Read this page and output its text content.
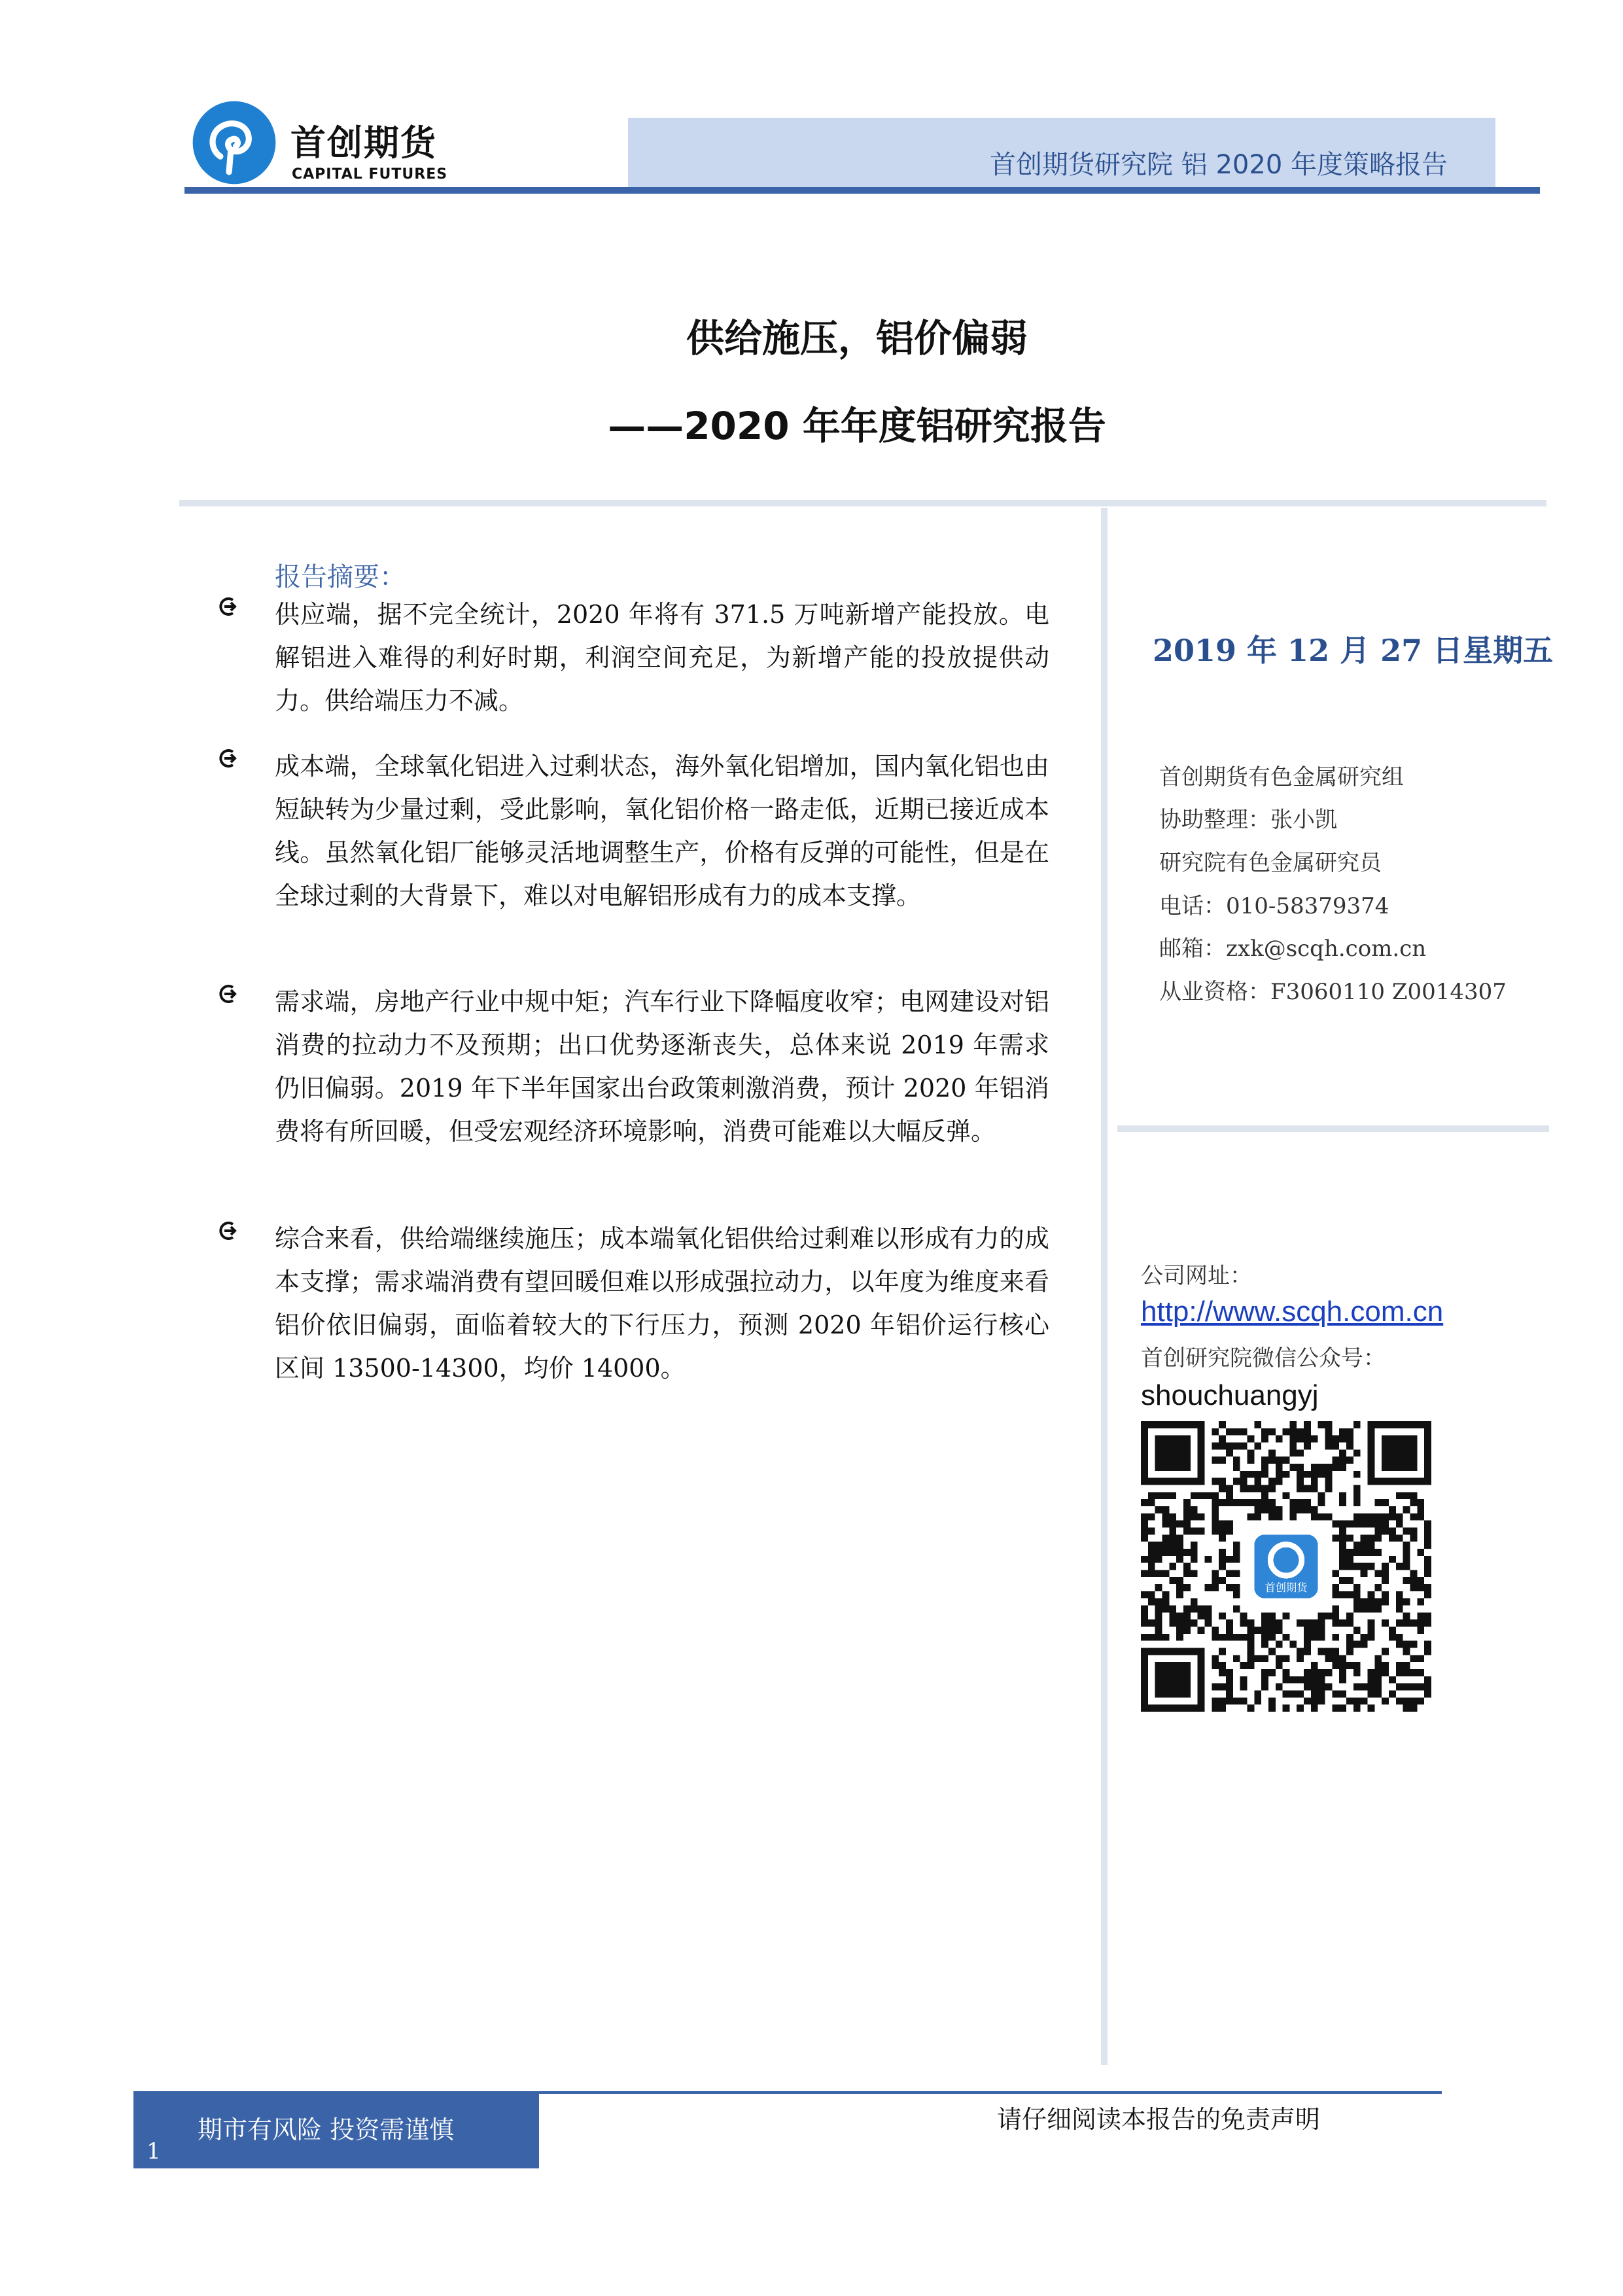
首创期货
CAPITAL FUTURES	首创期货研究院 铝 2020 年度策略报告
供给施压，铝价偏弱
——2020 年年度铝研究报告
报告摘要：
供应端，据不完全统计，2020 年将有 371.5 万吨新增产能投放。电解铝进入难得的利好时期，利润空间充足，为新增产能的投放提供动力。供给端压力不减。
成本端，全球氧化铝进入过剩状态，海外氧化铝增加，国内氧化铝也由短缺转为少量过剩，受此影响，氧化铝价格一路走低，近期已接近成本线。虽然氧化铝厂能够灵活地调整生产，价格有反弹的可能性，但是在全球过剩的大背景下，难以对电解铝形成有力的成本支撑。
需求端，房地产行业中规中矩；汽车行业下降幅度收窄；电网建设对铝消费的拉动力不及预期；出口优势逐渐丧失，总体来说 2019 年需求仍旧偏弱。2019 年下半年国家出台政策刺激消费，预计 2020 年铝消费将有所回暖，但受宏观经济环境影响，消费可能难以大幅反弹。
综合来看，供给端继续施压；成本端氧化铝供给过剩难以形成有力的成本支撑；需求端消费有望回暖但难以形成强拉动力，以年度为维度来看铝价依旧偏弱，面临着较大的下行压力，预测 2020 年铝价运行核心区间 13500-14300，均价 14000。
2019 年 12 月 27 日星期五
首创期货有色金属研究组
协助整理：张小凯
研究院有色金属研究员
电话：010-58379374
邮箱：zxk@scqh.com.cn
从业资格：F3060110 Z0014307
公司网址：
http://www.scqh.com.cn
首创研究院微信公众号：
shouchuangyj
首创期货
期市有风险 投资需谨慎
1
请仔细阅读本报告的免责声明
